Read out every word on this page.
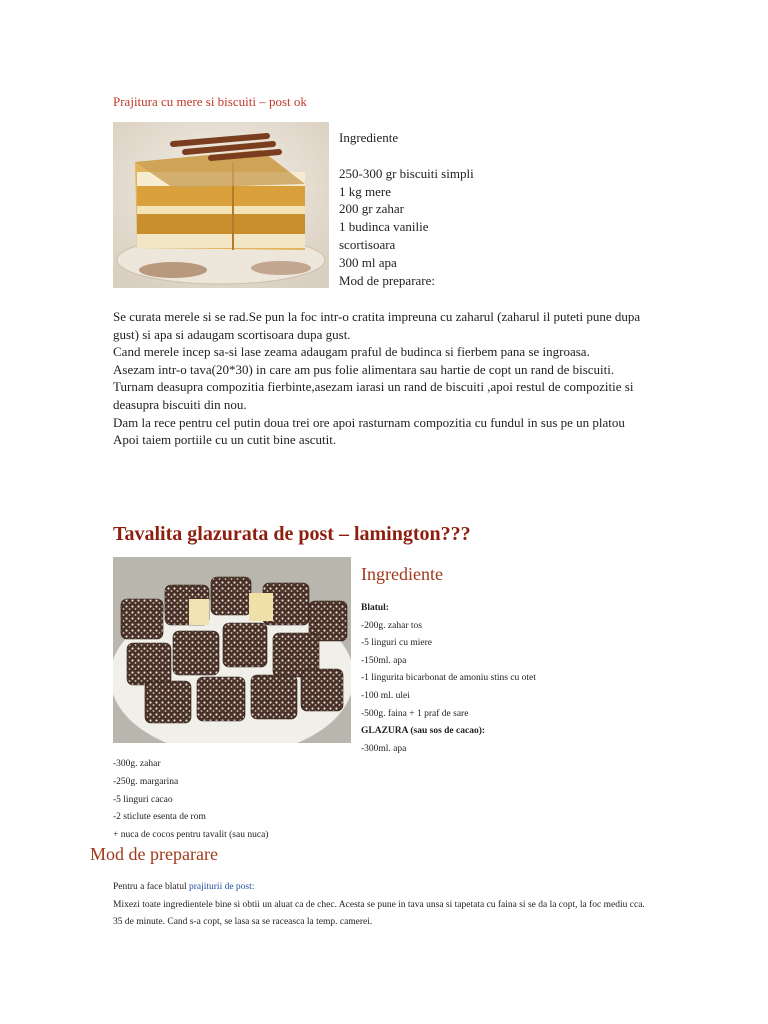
Prajitura cu mere si biscuiti – post ok
Ingrediente
250-300 gr biscuiti simpli
1 kg mere
200 gr zahar
1 budinca vanilie
scortisoara
300 ml apa
Mod de preparare:

Se curata merele si se rad.Se pun la foc intr-o cratita impreuna cu zaharul (zaharul il puteti pune dupa gust) si apa si adaugam scortisoara dupa gust.

Cand merele incep sa-si lase zeama adaugam praful de budinca si fierbem pana se ingroasa.

Asezam intr-o tava(20*30) in care am pus folie alimentara sau hartie de copt un rand de biscuiti.

Turnam deasupra compozitia fierbinte,asezam iarasi un rand de biscuiti ,apoi restul de compozitie si deasupra biscuiti din nou.

Dam la rece pentru cel putin doua trei ore apoi rasturnam compozitia cu fundul in sus pe un platou

Apoi taiem portiile cu un cutit bine ascutit.

Tavalita glazurata de post – lamington???
Ingrediente
Blatul:
-200g. zahar tos
-5 linguri cu miere
-150ml. apa
-1 lingurita bicarbonat de amoniu stins cu otet
-100 ml. ulei
-500g. faina + 1 praf de sare
GLAZURA (sau sos de cacao):
-300ml. apa
-300g. zahar
-250g. margarina
-5 linguri cacao
-2 sticlute esenta de rom
+ nuca de cocos pentru tavalit (sau nuca)
Mod de preparare

Pentru a face blatul prajiturii de post:

Mixezi toate ingredientele bine si obtii un aluat ca de chec. Acesta se pune in tava unsa si tapetata cu faina si se da la copt, la foc mediu cca. 35 de minute. Cand s-a copt, se lasa sa se raceasca la temp. camerei.
